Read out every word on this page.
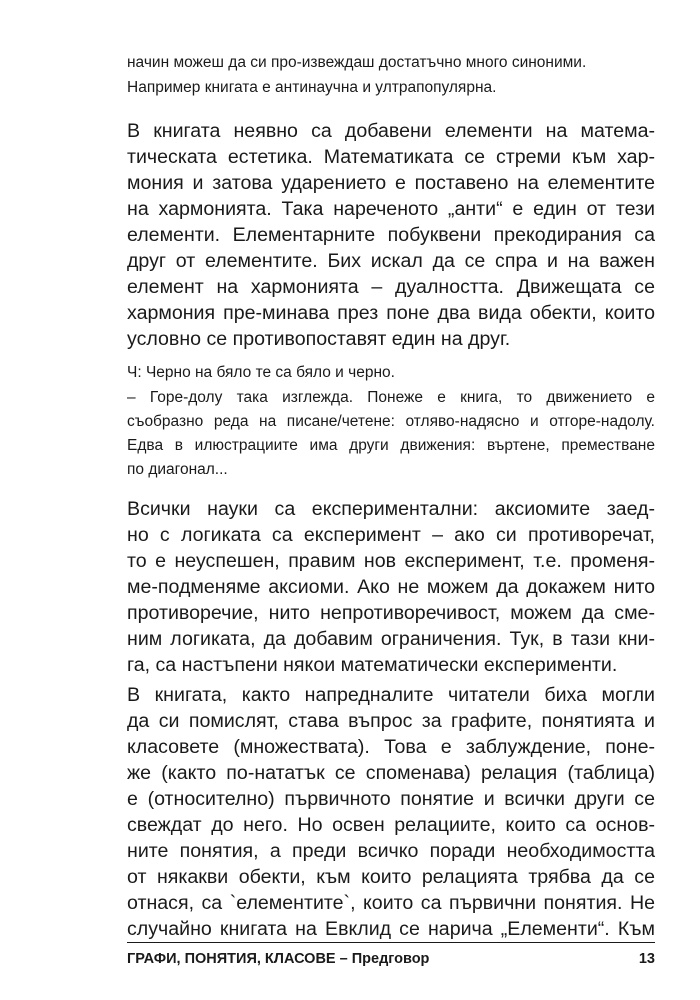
начин можеш да си про-извеждаш достатъчно много синоними.

Например книгата е антинаучна и ултрапопулярна.

В книгата неявно са добавени елементи на матема-

тическата естетика. Математиката се стреми към хар-

мония и затова ударението е поставено на елементите

на хармонията. Така нареченото „анти“ е един от тези

елементи. Елементарните побуквени прекодирания са

друг от елементите. Бих искал да се спра и на важен

елемент на хармонията – дуалността. Движещата се

хармония пре-минава през поне два вида обекти, които

условно се противопоставят един на друг.

Ч: Черно на бяло те са бяло и черно.

– Горе-долу така изглежда. Понеже е книга, то движението е

съобразно реда на писане/четене: отляво-надясно и отгоре-надолу.

Едва в илюстрациите има други движения: въртене, преместване

по диагонал...

Всички науки са експериментални: аксиомите заед-

но с логиката са експеримент – ако си противоречат,

то е неуспешен, правим нов експеримент, т.е. променя-

ме-подменяме аксиоми. Ако не можем да докажем нито

противоречие, нито непротиворечивост, можем да сме-

ним логиката, да добавим ограничения. Тук, в тази кни-

га, са настъпени някои математически експерименти.

В книгата, както напредналите читатели биха могли

да си помислят, става въпрос за графите, понятията и

класовете (множествата). Това е заблуждение, поне-

же (както по-нататък се споменава) релация (таблица)

е (относително) първичното понятие и всички други се

свеждат до него. Но освен релациите, които са основ-

ните понятия, а преди всичко поради необходимостта

от някакви обекти, към които релацията трябва да се

отнася, са `елементите`, които са първични понятия. Не

случайно книгата на Евклид се нарича „Елементи“. Към

ГРАФИ, ПОНЯТИЯ, КЛАСОВЕ – Предговор	13
